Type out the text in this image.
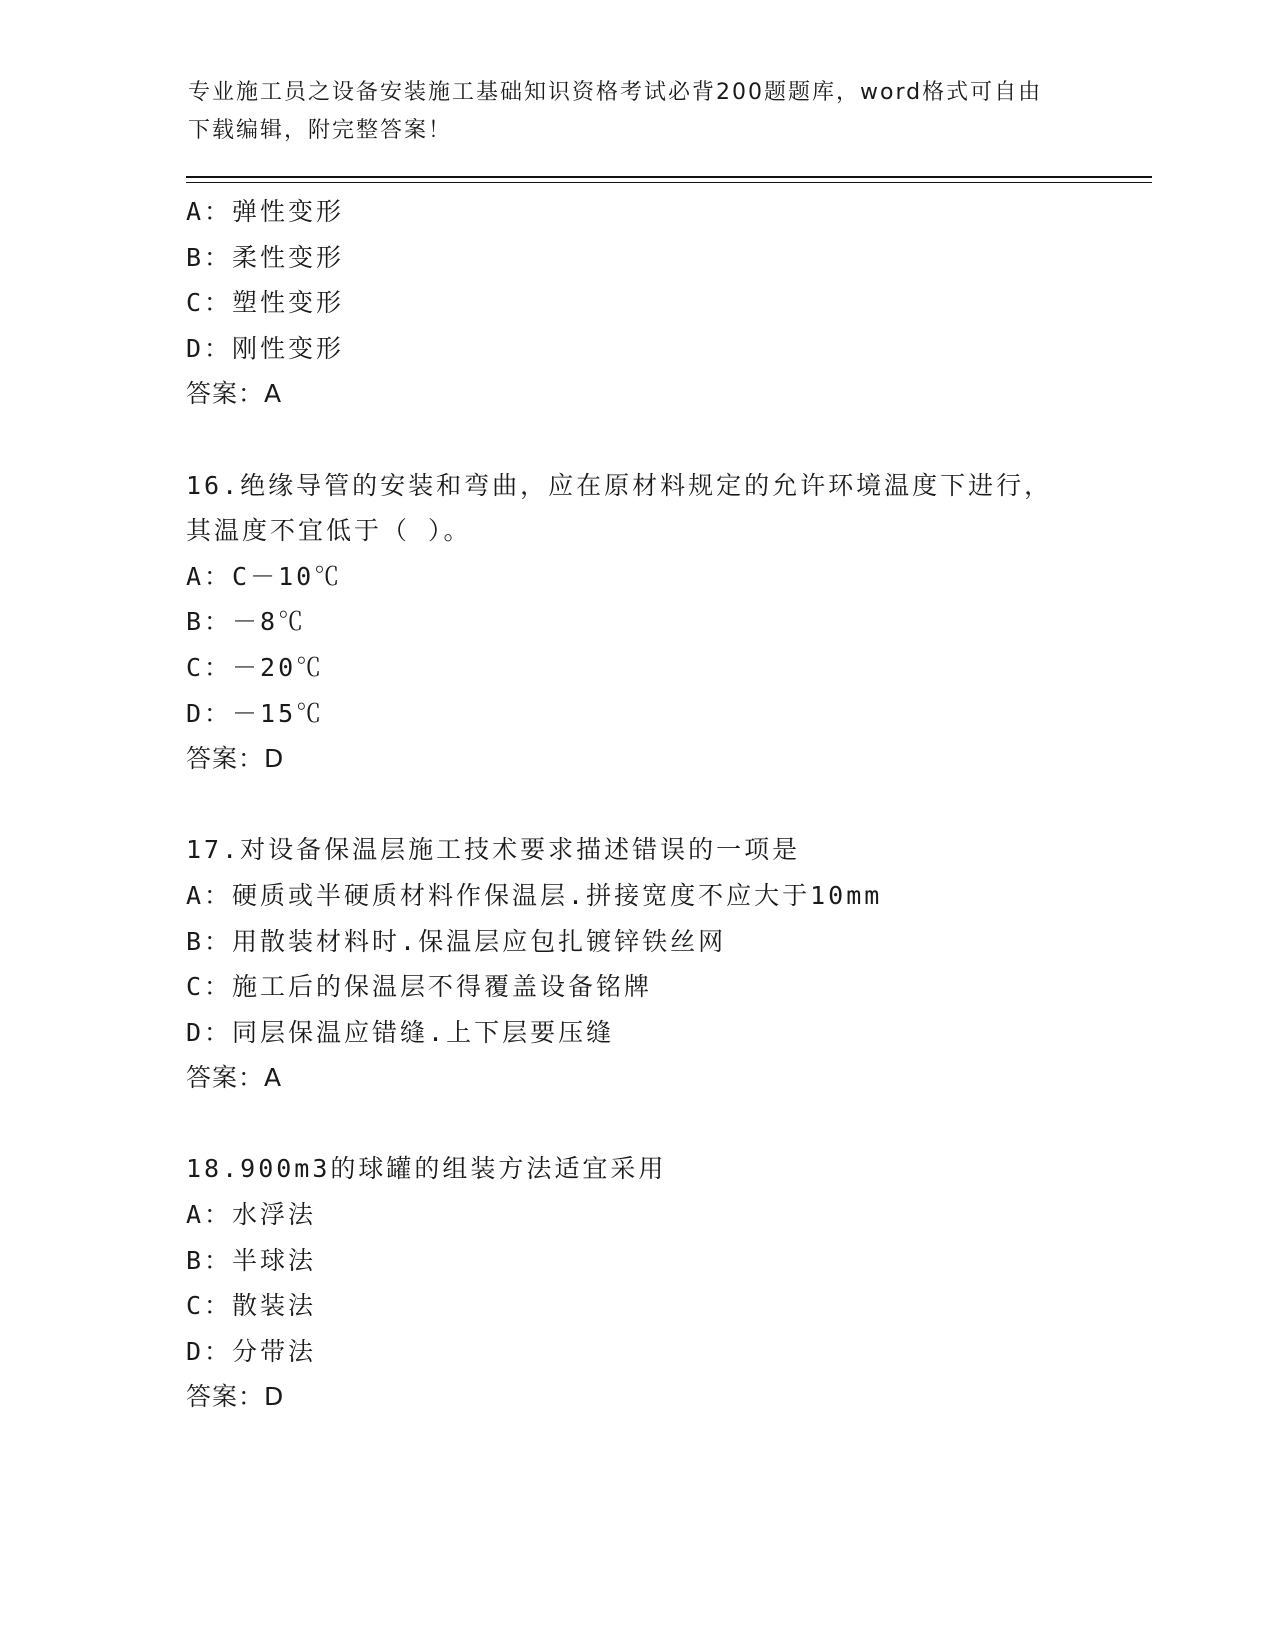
专业施工员之设备安装施工基础知识资格考试必背200题题库，word格式可自由
下载编辑，附完整答案！
A：弹性变形
B：柔性变形
C：塑性变形
D：刚性变形
答案：A
16.绝缘导管的安装和弯曲，应在原材料规定的允许环境温度下进行，
其温度不宜低于（ ）。
A：C－10℃
B：－8℃
C：－20℃
D：－15℃
答案：D
17.对设备保温层施工技术要求描述错误的一项是
A：硬质或半硬质材料作保温层.拼接宽度不应大于10mm
B：用散装材料时.保温层应包扎镀锌铁丝网
C：施工后的保温层不得覆盖设备铭牌
D：同层保温应错缝.上下层要压缝
答案：A
18.900m3的球罐的组装方法适宜采用
A：水浮法
B：半球法
C：散装法
D：分带法
答案：D
